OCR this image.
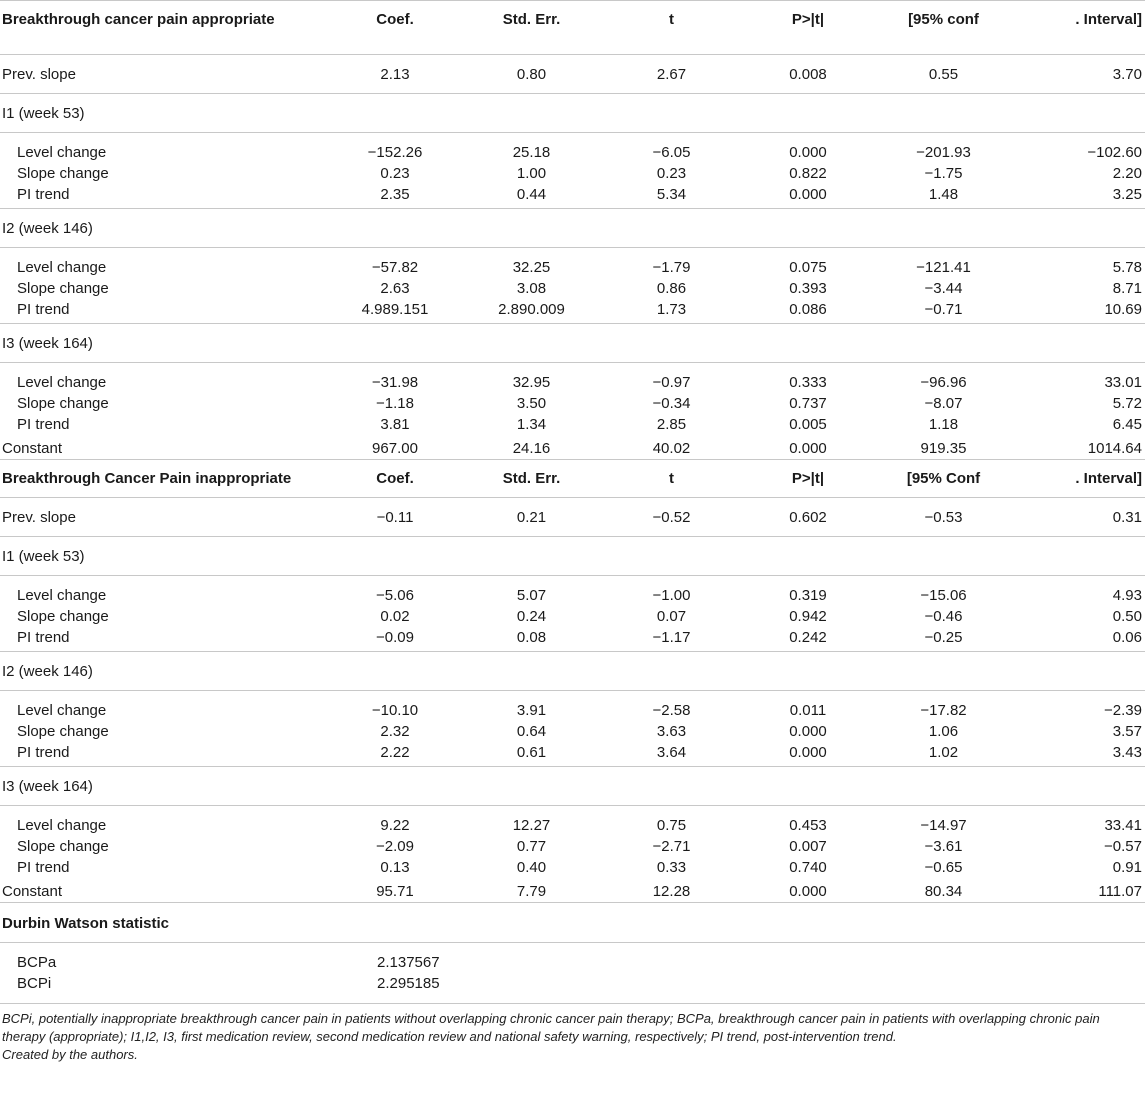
Breakthrough cancer pain appropriate	Coef.	Std. Err.	t	P>|t|	[95% conf	. Interval]
Prev. slope	2.13	0.80	2.67	0.008	0.55	3.70
I1 (week 53)						
Level change	−152.26	25.18	−6.05	0.000	−201.93	−102.60
Slope change	0.23	1.00	0.23	0.822	−1.75	2.20
PI trend	2.35	0.44	5.34	0.000	1.48	3.25
I2 (week 146)						
Level change	−57.82	32.25	−1.79	0.075	−121.41	5.78
Slope change	2.63	3.08	0.86	0.393	−3.44	8.71
PI trend	4.989.151	2.890.009	1.73	0.086	−0.71	10.69
I3 (week 164)						
Level change	−31.98	32.95	−0.97	0.333	−96.96	33.01
Slope change	−1.18	3.50	−0.34	0.737	−8.07	5.72
PI trend	3.81	1.34	2.85	0.005	1.18	6.45
Constant	967.00	24.16	40.02	0.000	919.35	1014.64
Breakthrough Cancer Pain inappropriate	Coef.	Std. Err.	t	P>|t|	[95% Conf	. Interval]
Prev. slope	−0.11	0.21	−0.52	0.602	−0.53	0.31
I1 (week 53)						
Level change	−5.06	5.07	−1.00	0.319	−15.06	4.93
Slope change	0.02	0.24	0.07	0.942	−0.46	0.50
PI trend	−0.09	0.08	−1.17	0.242	−0.25	0.06
I2 (week 146)						
Level change	−10.10	3.91	−2.58	0.011	−17.82	−2.39
Slope change	2.32	0.64	3.63	0.000	1.06	3.57
PI trend	2.22	0.61	3.64	0.000	1.02	3.43
I3 (week 164)						
Level change	9.22	12.27	0.75	0.453	−14.97	33.41
Slope change	−2.09	0.77	−2.71	0.007	−3.61	−0.57
PI trend	0.13	0.40	0.33	0.740	−0.65	0.91
Constant	95.71	7.79	12.28	0.000	80.34	111.07
Durbin Watson statistic						
BCPa	2.137567					
BCPi	2.295185					
BCPi, potentially inappropriate breakthrough cancer pain in patients without overlapping chronic cancer pain therapy; BCPa, breakthrough cancer pain in patients with overlapping chronic pain therapy (appropriate); I1,I2, I3, first medication review, second medication review and national safety warning, respectively; PI trend, post-intervention trend.
Created by the authors.
